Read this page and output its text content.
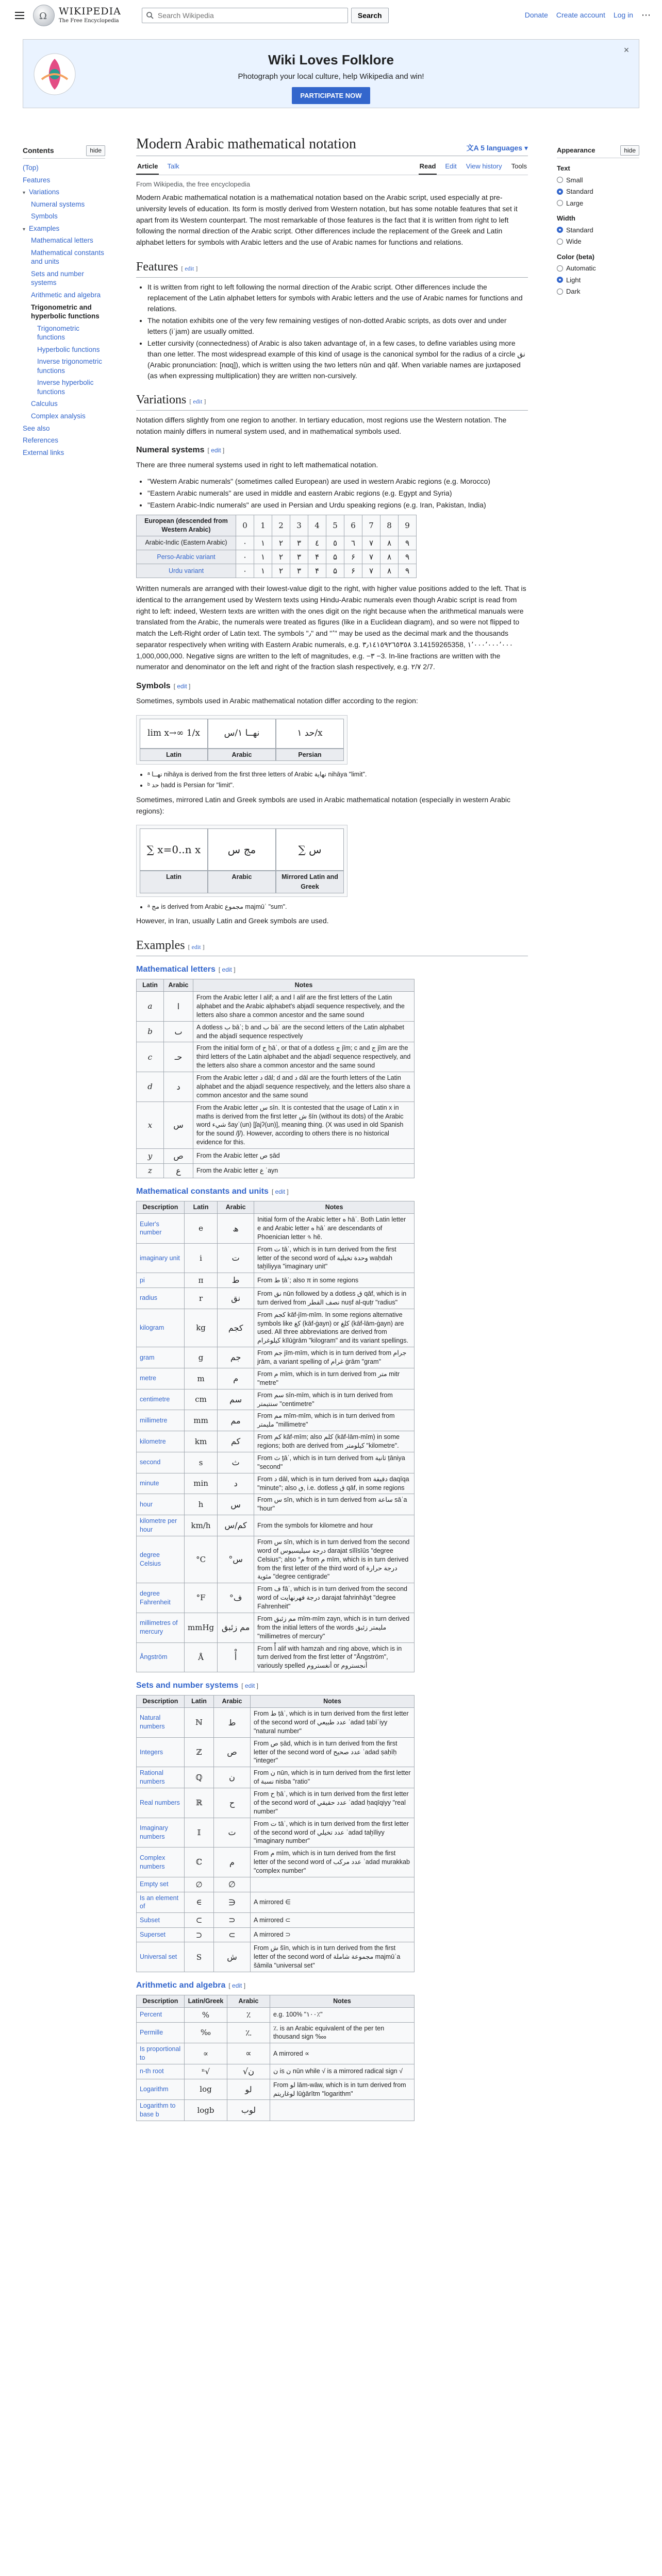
Ω
WIKIPEDIA
The Free Encyclopedia
Search Wikipedia
Search	Donate Create account Log in ⋯
Wiki Loves Folklore
Photograph your local culture, help Wikipedia and win!
PARTICIPATE NOW
×
Contents	hide
(Top)
Features
▾ Variations
Numeral systems
Symbols
▾ Examples
Mathematical letters
Mathematical constants and units
Sets and number systems
Arithmetic and algebra
Trigonometric and hyperbolic functions
Trigonometric functions
Hyperbolic functions
Inverse trigonometric functions
Inverse hyperbolic functions
Calculus
Complex analysis
See also
References
External links
Modern Arabic mathematical notation	文A 5 languages ▾
Article Talk	Read Edit View history Tools
From Wikipedia, the free encyclopedia

Modern Arabic mathematical notation is a mathematical notation based on the Arabic script, used especially at pre-university levels of education. Its form is mostly derived from Western notation, but has some notable features that set it apart from its Western counterpart. The most remarkable of those features is the fact that it is written from right to left following the normal direction of the Arabic script. Other differences include the replacement of the Greek and Latin alphabet letters for symbols with Arabic letters and the use of Arabic names for functions and relations.

Features [ edit ]
• It is written from right to left following the normal direction of the Arabic script. Other differences include the replacement of the Latin alphabet letters for symbols with Arabic letters and the use of Arabic names for functions and relations.
• The notation exhibits one of the very few remaining vestiges of non-dotted Arabic scripts, as dots over and under letters (iʿjam) are usually omitted.
• Letter cursivity (connectedness) of Arabic is also taken advantage of, in a few cases, to define variables using more than one letter. The most widespread example of this kind of usage is the canonical symbol for the radius of a circle نق (Arabic pronunciation: [nɑq]), which is written using the two letters nūn and qāf. When variable names are juxtaposed (as when expressing multiplication) they are written non-cursively.
Variations [ edit ]

Notation differs slightly from one region to another. In tertiary education, most regions use the Western notation. The notation mainly differs in numeral system used, and in mathematical symbols used.

Numeral systems [ edit ]

There are three numeral systems used in right to left mathematical notation.

• "Western Arabic numerals" (sometimes called European) are used in western Arabic regions (e.g. Morocco)
• "Eastern Arabic numerals" are used in middle and eastern Arabic regions (e.g. Egypt and Syria)
• "Eastern Arabic-Indic numerals" are used in Persian and Urdu speaking regions (e.g. Iran, Pakistan, India)
European (descended from Western Arabic)	0	1	2	3	4	5	6	7	8	9
Arabic-Indic (Eastern Arabic)	٠	١	٢	٣	٤	٥	٦	٧	٨	٩
Perso-Arabic variant	۰	۱	۲	۳	۴	۵	۶	۷	۸	۹
Urdu variant	۰	۱	۲	۳	۴	۵	۶	۷	۸	۹

Written numerals are arranged with their lowest-value digit to the right, with higher value positions added to the left. That is identical to the arrangement used by Western texts using Hindu-Arabic numerals even though Arabic script is read from right to left: indeed, Western texts are written with the ones digit on the right because when the arithmetical manuals were translated from the Arabic, the numerals were treated as figures (like in a Euclidean diagram), and so were not flipped to match the Left-Right order of Latin text. The symbols "٫" and "٬" may be used as the decimal mark and the thousands separator respectively when writing with Eastern Arabic numerals, e.g. ٣٫١٤١٥٩٢٦٥٣٥٨ 3.14159265358, ١٬٠٠٠٬٠٠٠٬٠٠٠ 1,000,000,000. Negative signs are written to the left of magnitudes, e.g. −٣ −3. In-line fractions are written with the numerator and denominator on the left and right of the fraction slash respectively, e.g. ٢/٧ 2/7.

Symbols [ edit ]

Sometimes, symbols used in Arabic mathematical notation differ according to the region:

lim x→∞ 1/x	نهــا ١/س	حد ١/x
Latin	Arabic	Persian
• ᵃ نهــا nihāya is derived from the first three letters of Arabic نهاية nihāya "limit".
• ᵇ حد ḥadd is Persian for "limit".

Sometimes, mirrored Latin and Greek symbols are used in Arabic mathematical notation (especially in western Arabic regions):

∑ x=0..n x	مج س	∑ س
Latin	Arabic	Mirrored Latin and Greek
• ᵃ مج is derived from Arabic مجموع majmūʿ "sum".

However, in Iran, usually Latin and Greek symbols are used.

Examples [ edit ]
Mathematical letters [ edit ]
Latin	Arabic	Notes
a	ا	From the Arabic letter ا alif; a and ا alif are the first letters of the Latin alphabet and the Arabic alphabet's abjadī sequence respectively, and the letters also share a common ancestor and the same sound
b	ٮ	A dotless ب bāʾ; b and ب bāʾ are the second letters of the Latin alphabet and the abjadī sequence respectively
c	حـ	From the initial form of ح ḥāʾ, or that of a dotless ج jīm; c and ج jīm are the third letters of the Latin alphabet and the abjadī sequence respectively, and the letters also share a common ancestor and the same sound
d	د	From the Arabic letter د dāl; d and د dāl are the fourth letters of the Latin alphabet and the abjadī sequence respectively, and the letters also share a common ancestor and the same sound
x	س	From the Arabic letter س sīn. It is contested that the usage of Latin x in maths is derived from the first letter ش šīn (without its dots) of the Arabic word شيء šayʾ(un) [ʃajʔ(un)], meaning thing. (X was used in old Spanish for the sound /ʃ/). However, according to others there is no historical evidence for this.
y	ص	From the Arabic letter ص ṣād
z	ع	From the Arabic letter ع ʿayn
Mathematical constants and units [ edit ]
Description	Latin	Arabic	Notes
Euler's number	e	ھ	Initial form of the Arabic letter ه hāʾ. Both Latin letter e and Arabic letter ه hāʾ are descendants of Phoenician letter 𐤄 hē.
imaginary unit	i	ت	From ت tāʾ, which is in turn derived from the first letter of the second word of وحدة تخيلية waḥdah taḫīliyya "imaginary unit"
pi	π	ط	From ط ṭāʾ; also π in some regions
radius	r	نق	From نق nūn followed by a dotless ق qāf, which is in turn derived from نصف القطر nuṣf al-quṭr "radius"
kilogram	kg	كجم	From كجم kāf-jīm-mīm. In some regions alternative symbols like كغ (kāf-ġayn) or كلغ (kāf-lām-ġayn) are used. All three abbreviations are derived from كيلوغرام kīlūġrām "kilogram" and its variant spellings.
gram	g	جم	From جم jīm-mīm, which is in turn derived from جرام jrām, a variant spelling of غرام ġrām "gram"
metre	m	م	From م mīm, which is in turn derived from متر mitr "metre"
centimetre	cm	سم	From سم sīn-mīm, which is in turn derived from سنتيمتر "centimetre"
millimetre	mm	مم	From مم mīm-mīm, which is in turn derived from مليمتر "millimetre"
kilometre	km	كم	From كم kāf-mīm; also كلم (kāf-lām-mīm) in some regions; both are derived from كيلومتر "kilometre".
second	s	ث	From ث ṯāʾ, which is in turn derived from ثانية ṯāniya "second"
minute	min	د	From د dāl, which is in turn derived from دقيقة daqīqa "minute"; also ٯ, i.e. dotless ق qāf, in some regions
hour	h	س	From س sīn, which is in turn derived from ساعة sāʿa "hour"
kilometre per hour	km/h	كم/س	From the symbols for kilometre and hour
degree Celsius	°C	°س	From س sīn, which is in turn derived from the second word of درجة سيليسيوس darajat sīlīsīūs "degree Celsius"; also °م from م mīm, which is in turn derived from the first letter of the third word of درجة حرارة مئوية "degree centigrade"
degree Fahrenheit	°F	°ف	From ف fāʾ, which is in turn derived from the second word of درجة فهرنهايت darajat fahrinhāyt "degree Fahrenheit"
millimetres of mercury	mmHg	مم زئبق	From مم زئبق mīm-mīm zayn, which is in turn derived from the initial letters of the words مليمتر زئبق "millimetres of mercury"
Ångström	Å	أْ	From أْ alif with hamzah and ring above, which is in turn derived from the first letter of "Ångström", variously spelled أنغستروم or أنجستروم
Sets and number systems [ edit ]
Description	Latin	Arabic	Notes
Natural numbers	ℕ	ط	From ط ṭāʾ, which is in turn derived from the first letter of the second word of عدد طبيعي ʿadad ṭabīʿiyy "natural number"
Integers	ℤ	ص	From ص ṣād, which is in turn derived from the first letter of the second word of عدد صحيح ʿadad ṣaḥīḥ "integer"
Rational numbers	ℚ	ن	From ن nūn, which is in turn derived from the first letter of نسبة nisba "ratio"
Real numbers	ℝ	ح	From ح ḥāʾ, which is in turn derived from the first letter of the second word of عدد حقيقي ʿadad ḥaqīqiyy "real number"
Imaginary numbers	𝕀	ت	From ت tāʾ, which is in turn derived from the first letter of the second word of عدد تخيلي ʿadad taḫīliyy "imaginary number"
Complex numbers	ℂ	م	From م mīm, which is in turn derived from the first letter of the second word of عدد مركب ʿadad murakkab "complex number"
Empty set	∅	∅	
Is an element of	∈	∋	A mirrored ∈
Subset	⊂	⊃	A mirrored ⊂
Superset	⊃	⊂	A mirrored ⊃
Universal set	S	ش	From ش šīn, which is in turn derived from the first letter of the second word of مجموعة شاملة majmūʿa šāmila "universal set"
Arithmetic and algebra [ edit ]
Description	Latin/Greek	Arabic	Notes
Percent	%	٪	e.g. 100% "١٠٠٪"
Permille	‰	؉	؉ is an Arabic equivalent of the per ten thousand sign ‱
Is proportional to	∝	∝	A mirrored ∝
n-th root	ⁿ√	√ن	ن is ن nūn while √ is a mirrored radical sign √
Logarithm	log	لو	From لو lām-wāw, which is in turn derived from لوغاريتم lūġārītm "logarithm"
Logarithm to base b	logb	لوب	
Appearance	hide
Text
Small
Standard
Large
Width
Standard
Wide
Color (beta)
Automatic
Light
Dark
